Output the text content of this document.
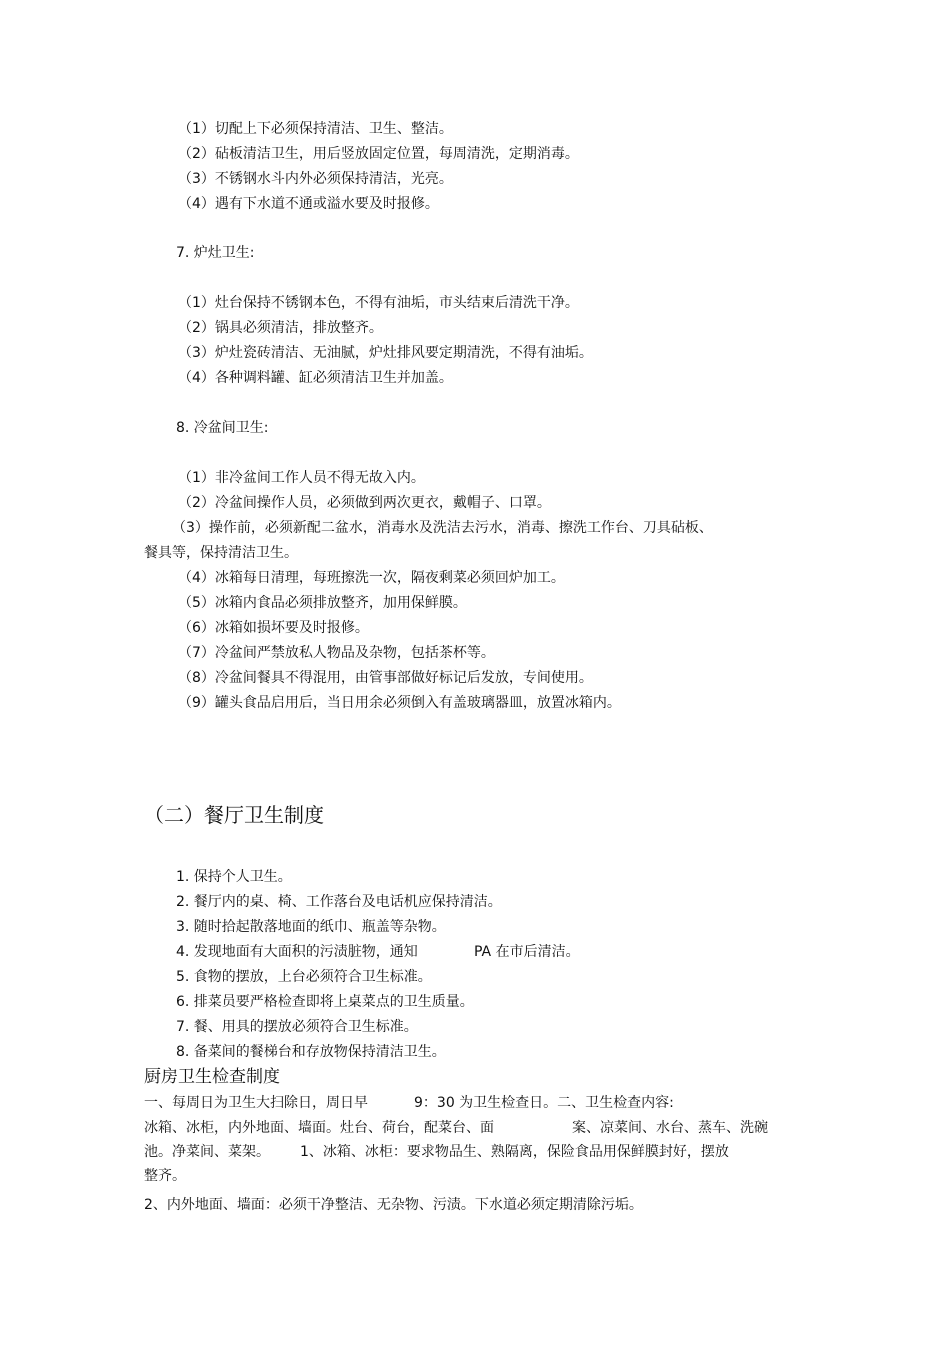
（1）切配上下必须保持清洁、卫生、整洁。
（2）砧板清洁卫生，用后竖放固定位置，每周清洗，定期消毒。
（3）不锈钢水斗内外必须保持清洁，光亮。
（4）遇有下水道不通或溢水要及时报修。
7. 炉灶卫生:
（1）灶台保持不锈钢本色，不得有油垢，市头结束后清洗干净。
（2）锅具必须清洁，排放整齐。
（3）炉灶瓷砖清洁、无油腻，炉灶排风要定期清洗，不得有油垢。
（4）各种调料罐、缸必须清洁卫生并加盖。
8. 冷盆间卫生:
（1）非冷盆间工作人员不得无故入内。
（2）冷盆间操作人员，必须做到两次更衣，戴帽子、口罩。
（3）操作前，必须新配二盆水，消毒水及洗洁去污水，消毒、擦洗工作台、刀具砧板、
餐具等，保持清洁卫生。
（4）冰箱每日清理，每班擦洗一次，隔夜剩菜必须回炉加工。
（5）冰箱内食品必须排放整齐，加用保鲜膜。
（6）冰箱如损坏要及时报修。
（7）冷盆间严禁放私人物品及杂物，包括茶杯等。
（8）冷盆间餐具不得混用，由管事部做好标记后发放，专间使用。
（9）罐头食品启用后，当日用余必须倒入有盖玻璃器皿，放置冰箱内。
（二）餐厅卫生制度
1. 保持个人卫生。
2. 餐厅内的桌、椅、工作落台及电话机应保持清洁。
3. 随时拾起散落地面的纸巾、瓶盖等杂物。
4. 发现地面有大面积的污渍脏物，通知	PA 在市后清洁。
5. 食物的摆放，上台必须符合卫生标准。
6. 排菜员要严格检查即将上桌菜点的卫生质量。
7. 餐、用具的摆放必须符合卫生标准。
8. 备菜间的餐梯台和存放物保持清洁卫生。
厨房卫生检查制度
一、每周日为卫生大扫除日，周日早	9：30 为卫生检查日。二、卫生检查内容:
冰箱、冰柜，内外地面、墙面。灶台、荷台，配菜台、面	案、凉菜间、水台、蒸车、洗碗
池。净菜间、菜架。 1、冰箱、冰柜：要求物品生、熟隔离，保险食品用保鲜膜封好，摆放
整齐。
2、内外地面、墙面：必须干净整洁、无杂物、污渍。下水道必须定期清除污垢。
